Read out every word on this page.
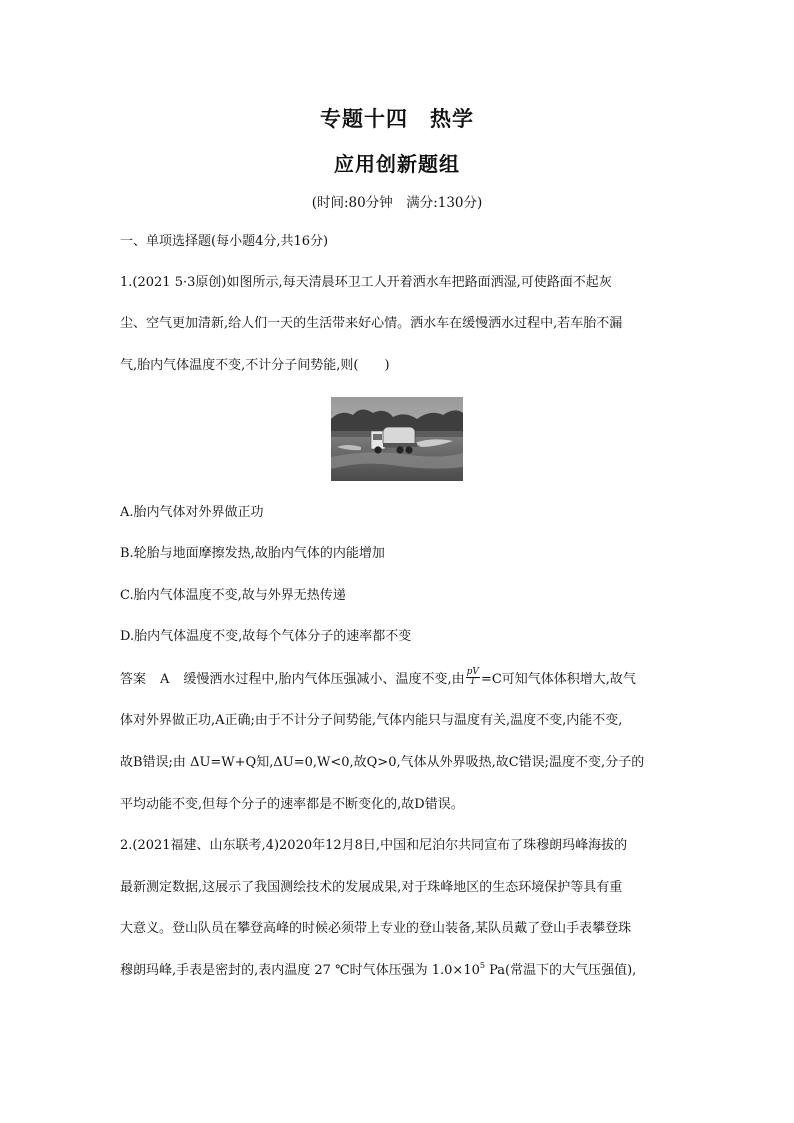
专题十四 热学
应用创新题组
(时间:80分钟　满分:130分)
一、单项选择题(每小题4分,共16分)
1.(2021 5·3原创)如图所示,每天清晨环卫工人开着洒水车把路面洒湿,可使路面不起灰
尘、空气更加清新,给人们一天的生活带来好心情。洒水车在缓慢洒水过程中,若车胎不漏
气,胎内气体温度不变,不计分子间势能,则(　　)
A.胎内气体对外界做正功
B.轮胎与地面摩擦发热,故胎内气体的内能增加
C.胎内气体温度不变,故与外界无热传递
D.胎内气体温度不变,故每个气体分子的速率都不变
答案 A 缓慢洒水过程中,胎内气体压强减小、温度不变,由 $\frac{pV}{T} =C$可知气体体积增大,故气
体对外界做正功,A正确;由于不计分子间势能,气体内能只与温度有关,温度不变,内能不变,
故B错误;由 ΔU=W+Q知,ΔU=0,W<0,故Q>0,气体从外界吸热,故C错误;温度不变,分子的
平均动能不变,但每个分子的速率都是不断变化的,故D错误。
2.(2021福建、山东联考,4)2020年12月8日,中国和尼泊尔共同宣布了珠穆朗玛峰海拔的
最新测定数据,这展示了我国测绘技术的发展成果,对于珠峰地区的生态环境保护等具有重
大意义。登山队员在攀登高峰的时候必须带上专业的登山装备,某队员戴了登山手表攀登珠
穆朗玛峰,手表是密封的,表内温度 27 ℃时气体压强为 $1.0\times 10^5$ Pa(常温下的大气压强值),
